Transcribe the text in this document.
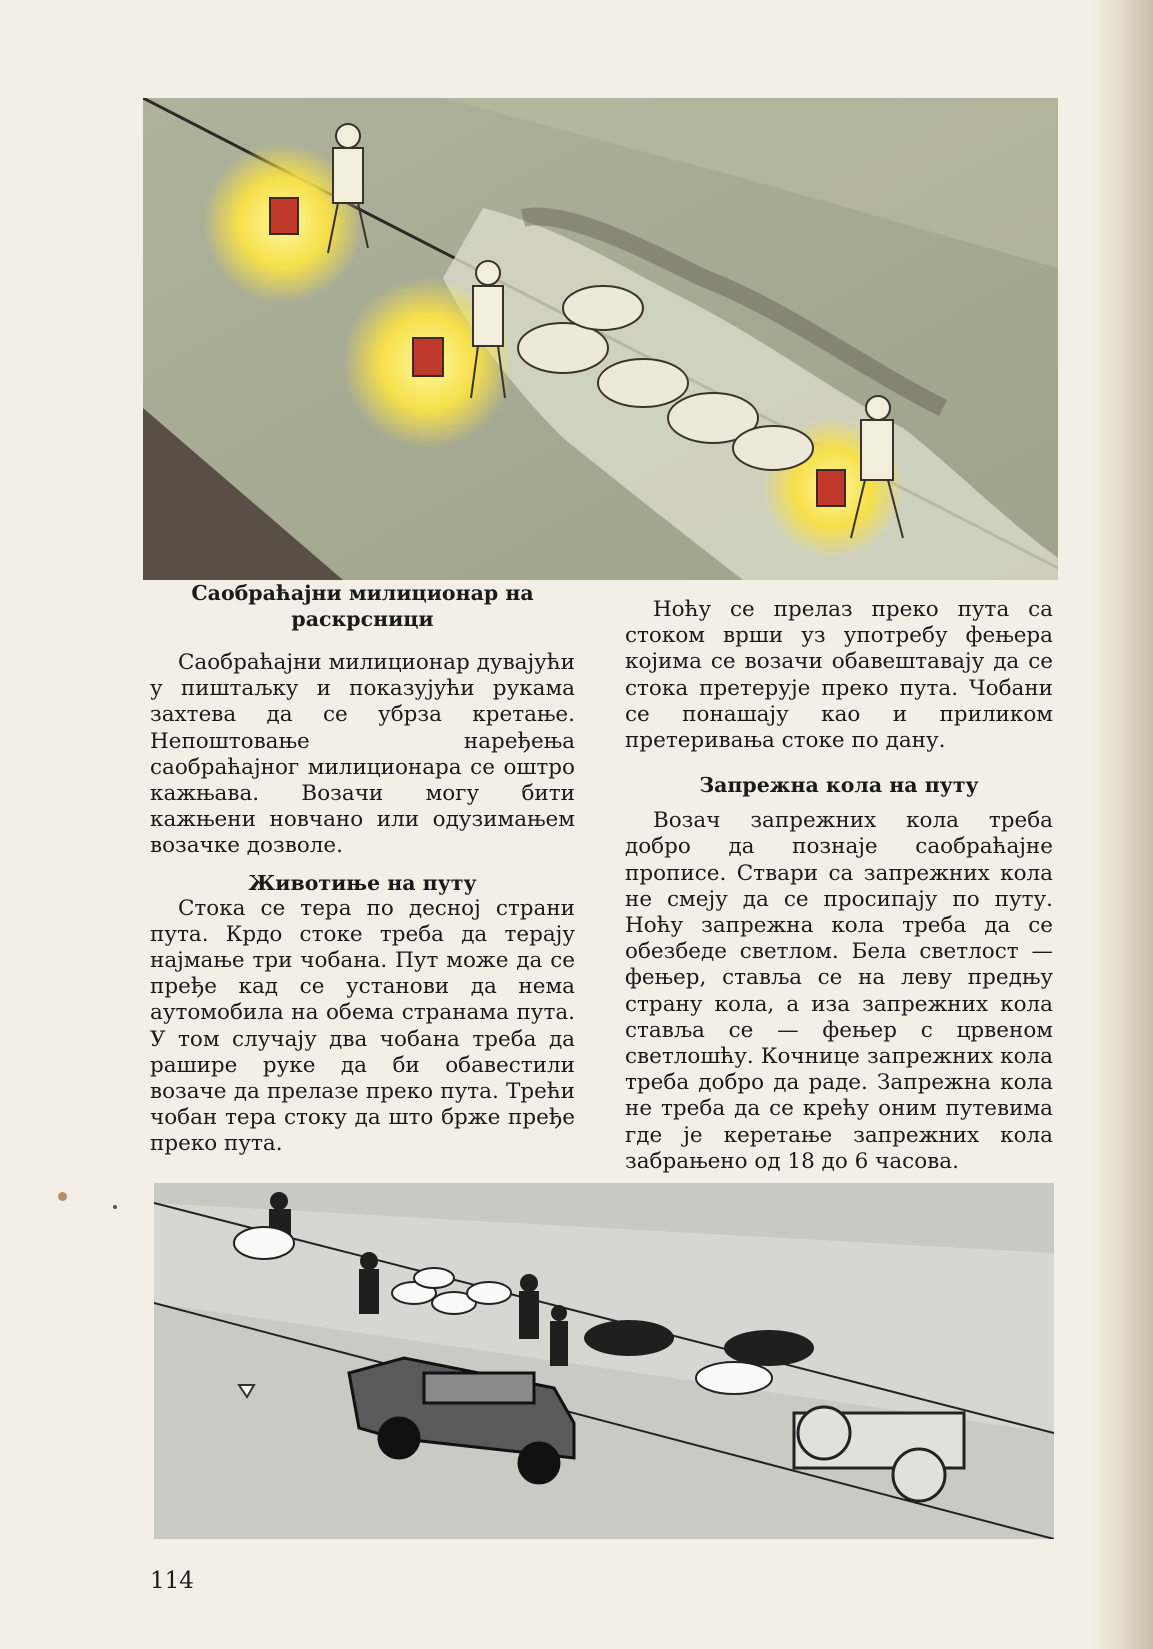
Саобраћајни милиционар на раскрсници

Саобраћајни милиционар дувајући у пиштаљку и показујући рукама захтева да се убрза кретање. Непоштовање наређења саобраћајног милиционара се оштро кажњава. Возачи могу бити кажњени новчано или одузимањем возачке дозволе.

Животиње на путу

Стока се тера по десној страни пута. Крдо стоке треба да терају најмање три чобана. Пут може да се пређе кад се установи да нема аутомобила на обема странама пута. У том случају два чобана треба да рашире руке да би обавестили возаче да прелазе преко пута. Трећи чобан тера стоку да што брже пређе преко пута.

Ноћу се прелаз преко пута са стоком врши уз употребу фењера којима се возачи обавештавају да се стока претерује преко пута. Чобани се понашају као и приликом претеривања стоке по дану.

Запрежна кола на путу

Возач запрежних кола треба добро да познаје саобраћајне прописе. Ствари са запрежних кола не смеју да се просипају по путу. Ноћу запрежна кола треба да се обезбеде светлом. Бела светлост — фењер, ставља се на леву предњу страну кола, а иза запрежних кола ставља се — фењер с црвеном светлошћу. Кочнице запрежних кола треба добро да раде. Запрежна кола не треба да се крећу оним путевима где је керетање запрежних кола забрањено од 18 до 6 часова.

114
